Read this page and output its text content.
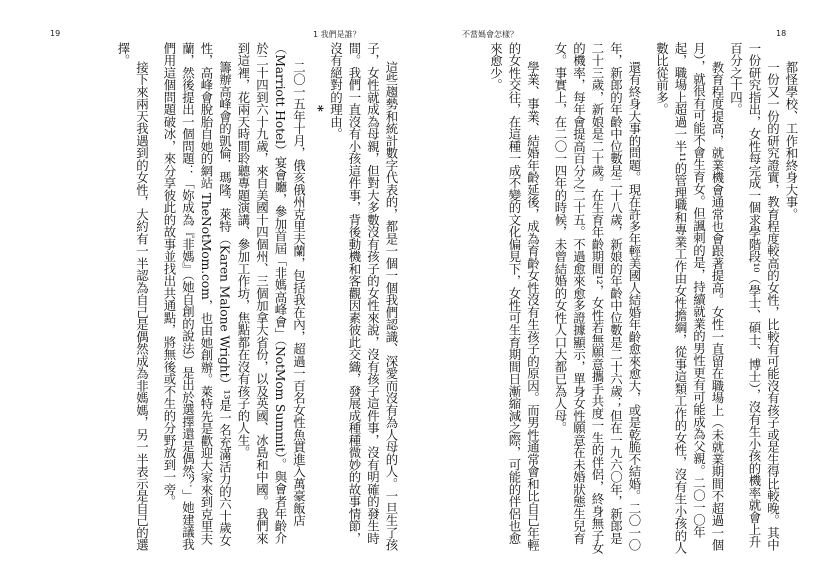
19	1 我們是誰？	不當媽會怎樣？	18

都怪學校、工作和終身大事。

一份又一份的研究證實，教育程度較高的女性，比較有可能沒有孩子或是生得比較晚。其中一份研究指出，女性每完成一個求學階段¹⁰（學士、碩士、博士），沒有生小孩的機率就會上升百分之十四。

教育程度提高，就業機會通常也會跟著提高。女性一直留在職場上（未就業期間不超過一個月），就很有可能不會生育女。但諷刺的是，持續就業的男性更有可能成為父親。二〇一〇年起，職場上超過一半¹¹的管理職和專業工作由女性擔綱，從事這類工作的女性，沒有生小孩的人數比從前多。

還有終身大事的問題。現在許多年輕美國人結婚年齡愈來愈大，或是乾脆不結婚。二〇一〇年，新郎的年齡中位數是二十八歲，新娘的年齡中位數是二十六歲；但在一九六〇年，新郎是二十三歲，新娘是二十歲。在生育年齡期間¹²，女性若無願意攜手共度一生的伴侶，終身無子女的機率，每年會提高百分之二十五。不過愈來愈多證據顯示，單身女性願意在未婚狀態生兒育女。事實上，在二〇一四年的時候，未曾結婚的女性人口大都已為人母。

學業、事業、結婚年齡延後，成為育齡女性沒有生孩子的原因。而男性通常會和比自己年輕的女性交往，在這種一成不變的文化偏見下，女性可生育期間日漸縮減之際，可能的伴侶也愈來愈少。

這些趨勢和統計數字代表的，都是一個一個我們認識、深愛而沒有為人母的人。一旦生了孩子，女性就成為母親，但對大多數沒有孩子的女性來說，沒有孩子這件事，沒有明確的發生時間。我們一直沒有小孩這件事，背後動機和客觀因素彼此交織，發展成種種微妙的故事情節，沒有絕對的理由。

*

二〇一五年十月，俄亥俄州克里夫蘭，包括我在內，超過一百名女性魚貫進入萬豪飯店（Marriott Hotel）宴會廳，參加首屆「非媽高峰會」（NotMom Summit）。與會者年齡介於二十四到六十九歲，來自美國十四個州、三個加拿大省份，以及英國、冰島和中國。我們來到這裡，花兩天時間聆聽專題演講、參加工作坊，焦點都在沒有孩子的人生。

籌辦高峰會的凱倫．瑪隆．萊特（Karen Malone Wright）¹³是一名充滿活力的六十歲女性，高峰會脫胎自她的網站 TheNotMom.com，也由她創辦。萊特先是歡迎大家來到克里夫蘭，然後提出一個問題：「妳成為『非媽』（她自創的說法）是出於選擇還是偶然？」她建議我們用這個問題破冰，來分享彼此的故事並找出共通點，將無後或不生的分野放到一旁。

接下來兩天我遇到的女性，大約有一半認為自己是偶然成為非媽媽，另一半表示是自己的選擇。
